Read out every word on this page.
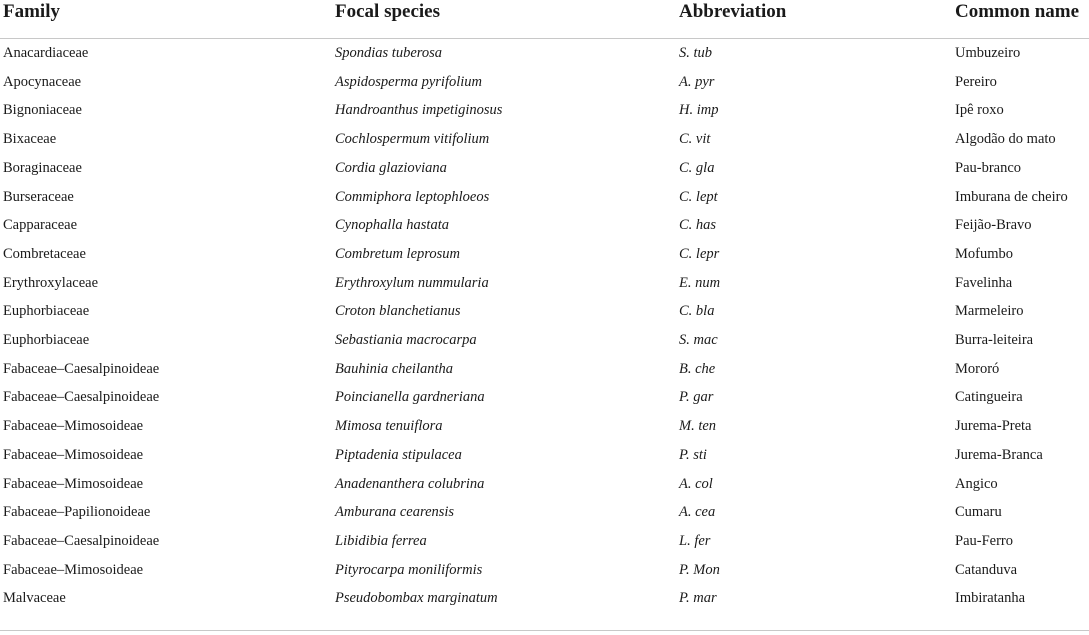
Family	Focal species	Abbreviation	Common name
Anacardiaceae	Spondias tuberosa	S. tub	Umbuzeiro
Apocynaceae	Aspidosperma pyrifolium	A. pyr	Pereiro
Bignoniaceae	Handroanthus impetiginosus	H. imp	Ipê roxo
Bixaceae	Cochlospermum vitifolium	C. vit	Algodão do mato
Boraginaceae	Cordia glazioviana	C. gla	Pau-branco
Burseraceae	Commiphora leptophloeos	C. lept	Imburana de cheiro
Capparaceae	Cynophalla hastata	C. has	Feijão-Bravo
Combretaceae	Combretum leprosum	C. lepr	Mofumbo
Erythroxylaceae	Erythroxylum nummularia	E. num	Favelinha
Euphorbiaceae	Croton blanchetianus	C. bla	Marmeleiro
Euphorbiaceae	Sebastiania macrocarpa	S. mac	Burra-leiteira
Fabaceae–Caesalpinoideae	Bauhinia cheilantha	B. che	Mororó
Fabaceae–Caesalpinoideae	Poincianella gardneriana	P. gar	Catingueira
Fabaceae–Mimosoideae	Mimosa tenuiflora	M. ten	Jurema-Preta
Fabaceae–Mimosoideae	Piptadenia stipulacea	P. sti	Jurema-Branca
Fabaceae–Mimosoideae	Anadenanthera colubrina	A. col	Angico
Fabaceae–Papilionoideae	Amburana cearensis	A. cea	Cumaru
Fabaceae–Caesalpinoideae	Libidibia ferrea	L. fer	Pau-Ferro
Fabaceae–Mimosoideae	Pityrocarpa moniliformis	P. Mon	Catanduva
Malvaceae	Pseudobombax marginatum	P. mar	Imbiratanha
